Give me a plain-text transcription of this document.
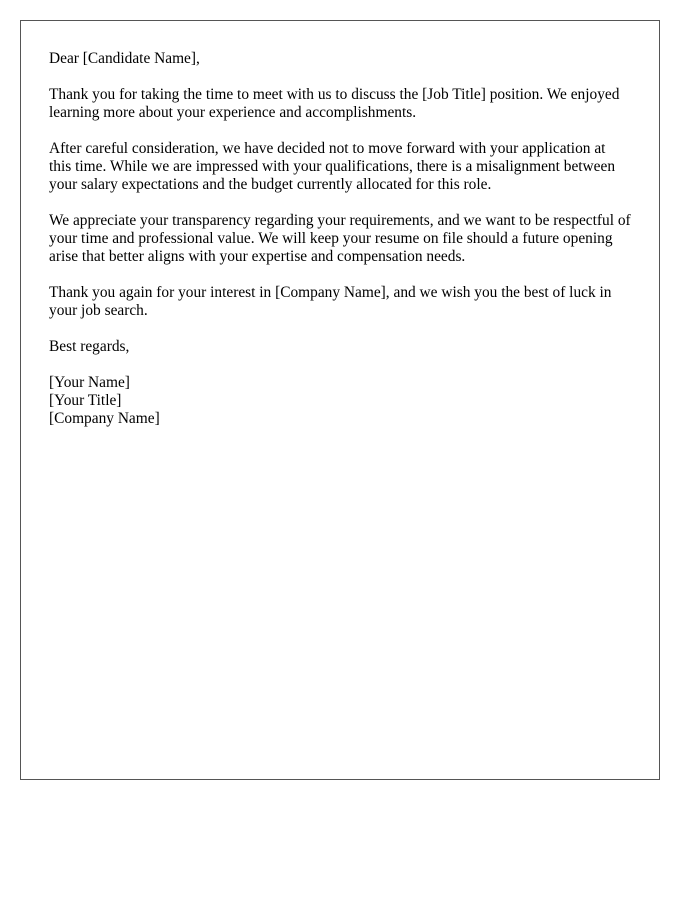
Dear [Candidate Name],

Thank you for taking the time to meet with us to discuss the [Job Title] position. We enjoyed learning more about your experience and accomplishments.

After careful consideration, we have decided not to move forward with your application at this time. While we are impressed with your qualifications, there is a misalignment between your salary expectations and the budget currently allocated for this role.

We appreciate your transparency regarding your requirements, and we want to be respectful of your time and professional value. We will keep your resume on file should a future opening arise that better aligns with your expertise and compensation needs.

Thank you again for your interest in [Company Name], and we wish you the best of luck in your job search.

Best regards,

[Your Name]
[Your Title]
[Company Name]
